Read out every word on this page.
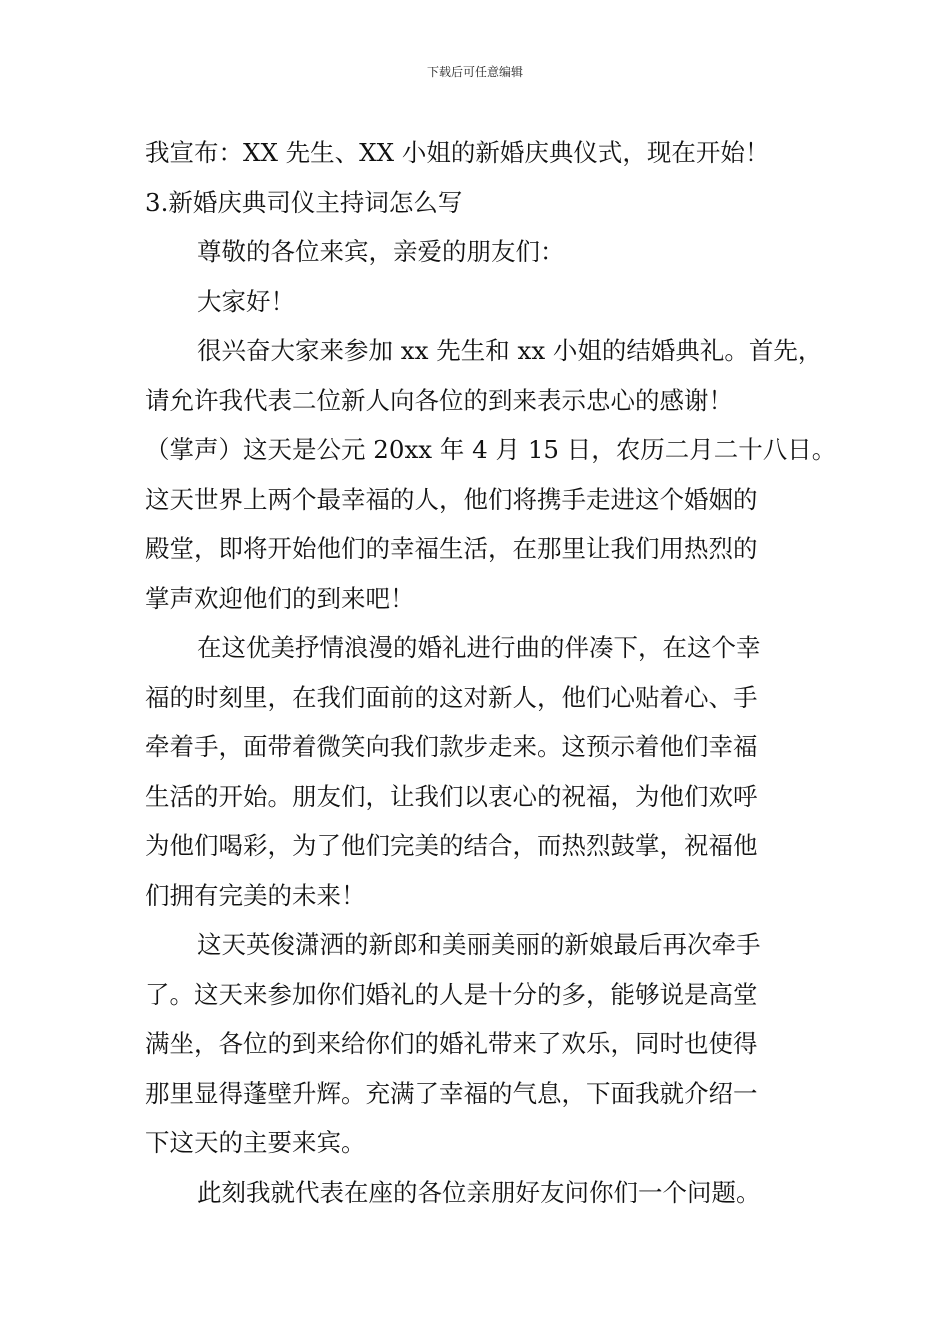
下载后可任意编辑
我宣布：XX 先生、XX 小姐的新婚庆典仪式，现在开始！
3.新婚庆典司仪主持词怎么写
尊敬的各位来宾，亲爱的朋友们：
大家好！
很兴奋大家来参加 xx 先生和 xx 小姐的结婚典礼。首先，
请允许我代表二位新人向各位的到来表示忠心的感谢！
（掌声）这天是公元 20xx 年 4 月 15 日，农历二月二十八日。
这天世界上两个最幸福的人，他们将携手走进这个婚姻的
殿堂，即将开始他们的幸福生活，在那里让我们用热烈的
掌声欢迎他们的到来吧！
在这优美抒情浪漫的婚礼进行曲的伴凑下，在这个幸
福的时刻里，在我们面前的这对新人，他们心贴着心、手
牵着手，面带着微笑向我们款步走来。这预示着他们幸福
生活的开始。朋友们，让我们以衷心的祝福，为他们欢呼
为他们喝彩，为了他们完美的结合，而热烈鼓掌，祝福他
们拥有完美的未来！
这天英俊潇洒的新郎和美丽美丽的新娘最后再次牵手
了。这天来参加你们婚礼的人是十分的多，能够说是高堂
满坐，各位的到来给你们的婚礼带来了欢乐，同时也使得
那里显得蓬壁升辉。充满了幸福的气息，下面我就介绍一
下这天的主要来宾。
此刻我就代表在座的各位亲朋好友问你们一个问题。
